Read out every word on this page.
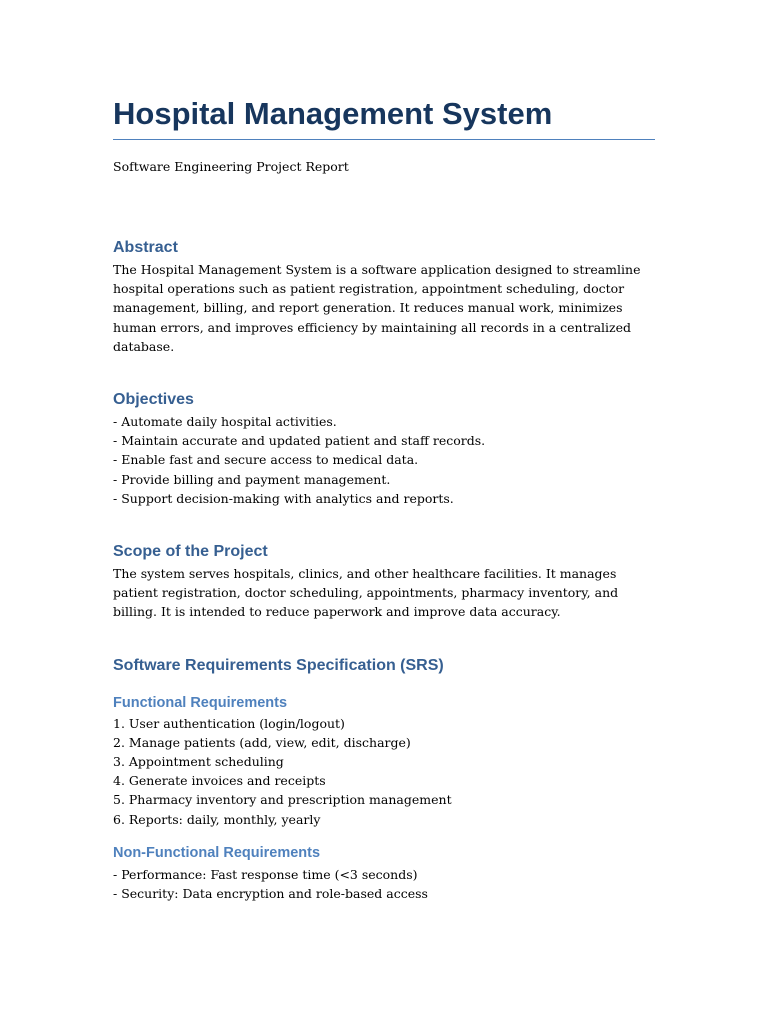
Hospital Management System

Software Engineering Project Report

Abstract

The Hospital Management System is a software application designed to streamline hospital operations such as patient registration, appointment scheduling, doctor management, billing, and report generation. It reduces manual work, minimizes human errors, and improves efficiency by maintaining all records in a centralized database.

Objectives
- Automate daily hospital activities.
- Maintain accurate and updated patient and staff records.
- Enable fast and secure access to medical data.
- Provide billing and payment management.
- Support decision-making with analytics and reports.
Scope of the Project

The system serves hospitals, clinics, and other healthcare facilities. It manages patient registration, doctor scheduling, appointments, pharmacy inventory, and billing. It is intended to reduce paperwork and improve data accuracy.

Software Requirements Specification (SRS)
Functional Requirements
1. User authentication (login/logout)
2. Manage patients (add, view, edit, discharge)
3. Appointment scheduling
4. Generate invoices and receipts
5. Pharmacy inventory and prescription management
6. Reports: daily, monthly, yearly
Non-Functional Requirements
- Performance: Fast response time (<3 seconds)
- Security: Data encryption and role-based access
